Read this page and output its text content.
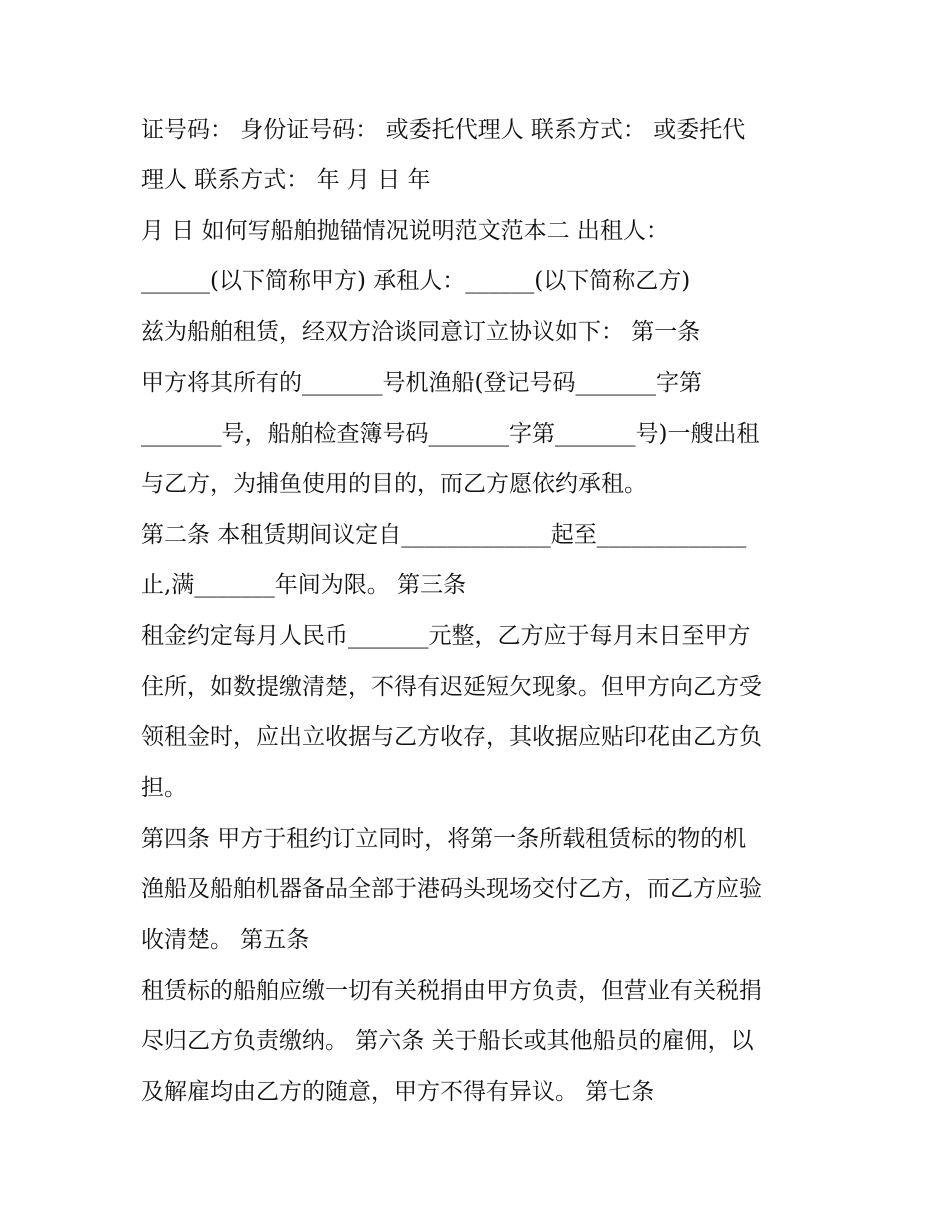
证号码： 身份证号码： 或委托代理人 联系方式： 或委托代
理人 联系方式： 年 月 日 年
月 日 如何写船舶抛锚情况说明范文范本二 出租人：
______(以下简称甲方) 承租人：______(以下简称乙方)
兹为船舶租赁，经双方洽谈同意订立协议如下： 第一条
甲方将其所有的_______号机渔船(登记号码_______字第
_______号，船舶检查簿号码_______字第_______号)一艘出租
与乙方，为捕鱼使用的目的，而乙方愿依约承租。
第二条 本租赁期间议定自_____________起至_____________
止,满_______年间为限。 第三条
租金约定每月人民币_______元整，乙方应于每月末日至甲方
住所，如数提缴清楚，不得有迟延短欠现象。但甲方向乙方受
领租金时，应出立收据与乙方收存，其收据应贴印花由乙方负
担。
第四条 甲方于租约订立同时，将第一条所载租赁标的物的机
渔船及船舶机器备品全部于港码头现场交付乙方，而乙方应验
收清楚。 第五条
租赁标的船舶应缴一切有关税捐由甲方负责，但营业有关税捐
尽归乙方负责缴纳。 第六条 关于船长或其他船员的雇佣，以
及解雇均由乙方的随意，甲方不得有异议。 第七条
